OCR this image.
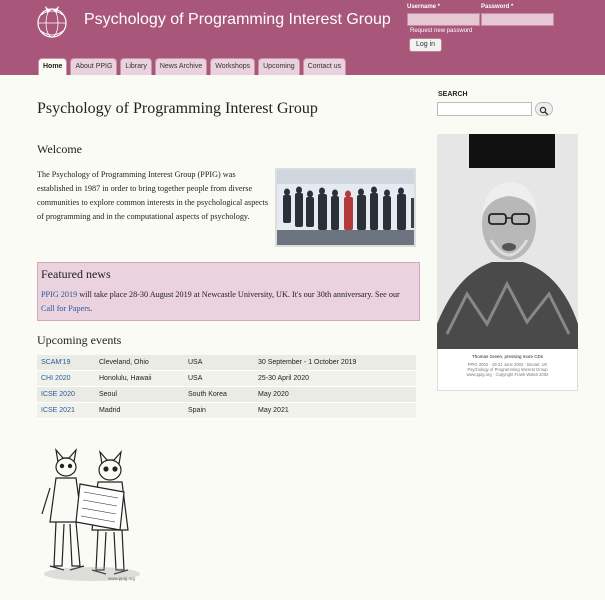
Psychology of Programming Interest Group
Username *	Password *
Request new password
Log in
Home	About PPIG	Library	News Archive	Workshops	Upcoming	Contact us
Psychology of Programming Interest Group
Welcome
The Psychology of Programming Interest Group (PPIG) was established in 1987 in order to bring together people from diverse communities to explore common interests in the psychological aspects of programming and in the computational aspects of psychology.
Featured news
PPIG 2019 will take place 28-30 August 2019 at Newcastle University, UK. It's our 30th anniversary. See our Call for Papers.
Upcoming events
SCAM'19	Cleveland, Ohio	USA	30 September - 1 October 2019
CHI 2020	Honolulu, Hawaii	USA	25-30 April 2020
ICSE 2020	Seoul	South Korea	May 2020
ICSE 2021	Madrid	Spain	May 2021
www.ppig.org
SEARCH
Thomas Green, pressing more CDs
PPIG 2002 · 18-21 June 2002 · Brunel, UK
Psychology of Programming Interest Group
www.ppig.org · Copyright Frank Wales 2002
